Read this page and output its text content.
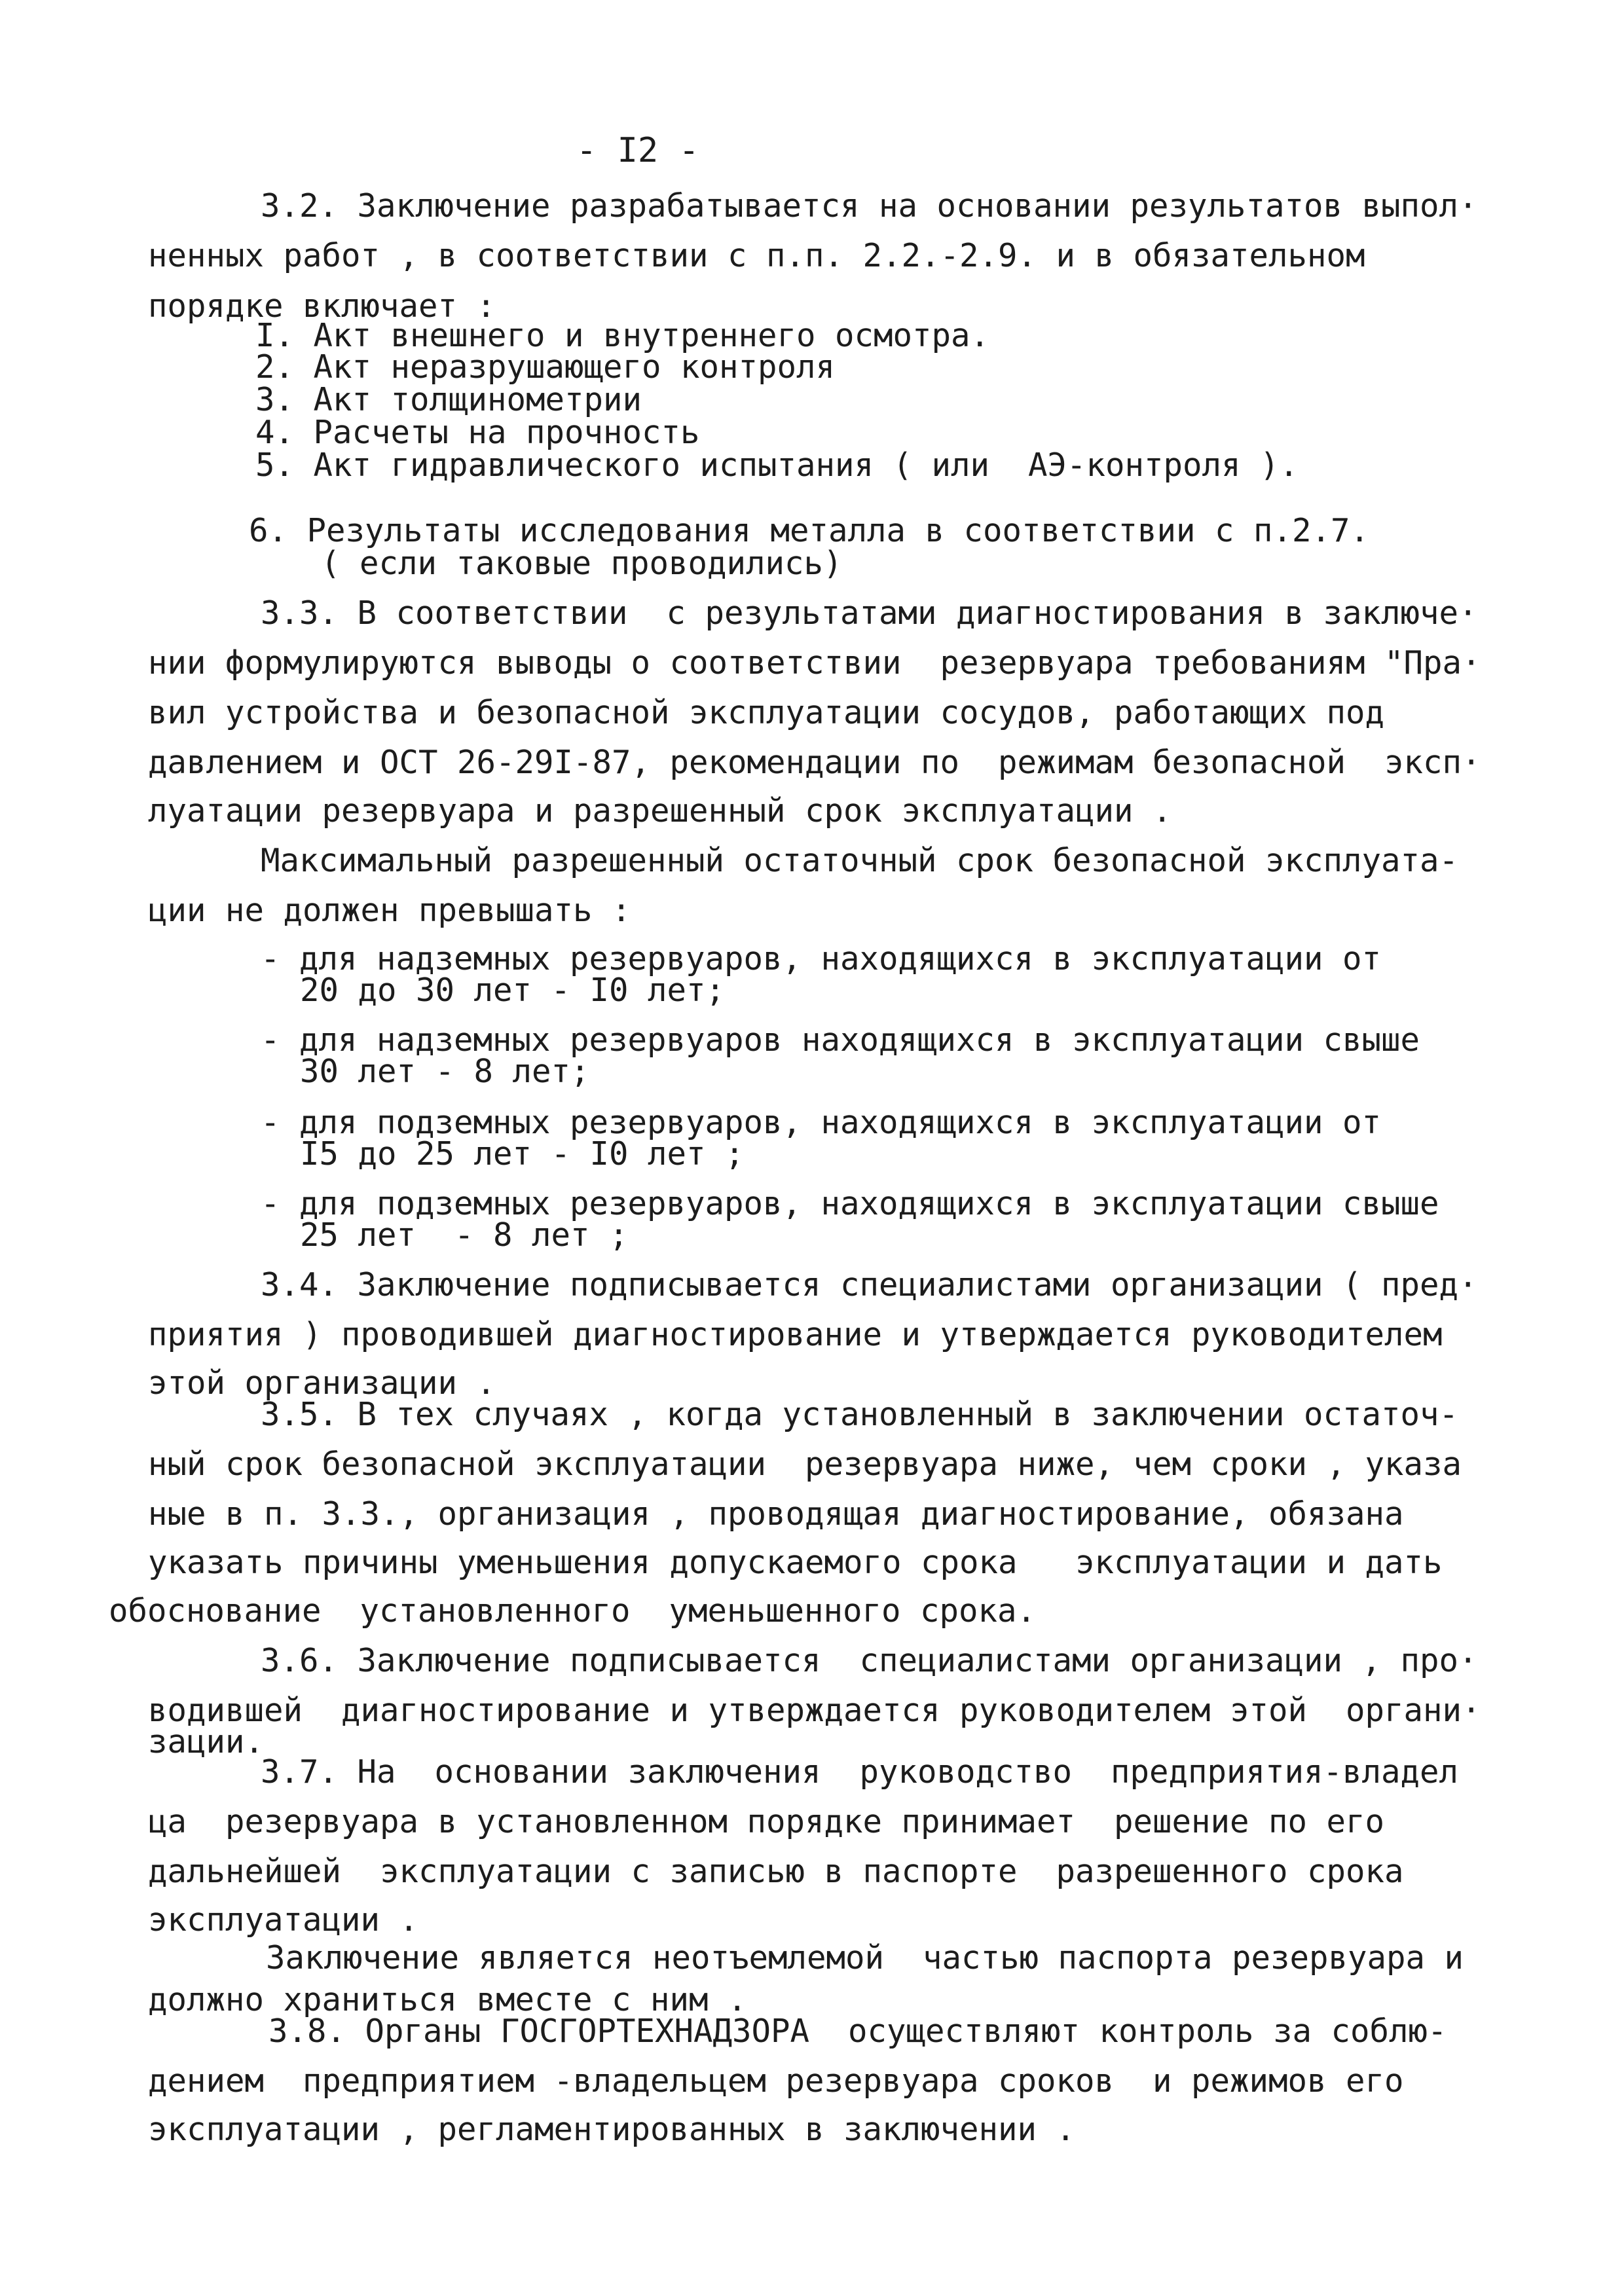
- I2 -
3.2. Заключение разрабатывается на основании результатов выпол·
ненных работ , в соответствии с п.п. 2.2.-2.9. и в обязательном
порядке включает :
I. Акт внешнего и внутреннего осмотра.
2. Акт неразрушающего контроля
3. Акт толщинометрии
4. Расчеты на прочность
5. Акт гидравлического испытания ( или  АЭ-контроля ).
6. Результаты исследования металла в соответствии с п.2.7.
( если таковые проводились)
3.3. В соответствии  с результатами диагностирования в заключе·
нии формулируются выводы о соответствии  резервуара требованиям "Пра·
вил устройства и безопасной эксплуатации сосудов, работающих под
давлением и ОСТ 26-29I-87, рекомендации по  режимам безопасной  эксп·
луатации резервуара и разрешенный срок эксплуатации .
Максимальный разрешенный остаточный срок безопасной эксплуата-
ции не должен превышать :
- для надземных резервуаров, находящихся в эксплуатации от
20 до 30 лет - I0 лет;
- для надземных резервуаров находящихся в эксплуатации свыше
30 лет - 8 лет;
- для подземных резервуаров, находящихся в эксплуатации от
I5 до 25 лет - I0 лет ;
- для подземных резервуаров, находящихся в эксплуатации свыше
25 лет  - 8 лет ;
3.4. Заключение подписывается специалистами организации ( пред·
приятия ) проводившей диагностирование и утверждается руководителем
этой организации .
3.5. В тех случаях , когда установленный в заключении остаточ-
ный срок безопасной эксплуатации  резервуара ниже, чем сроки , указа
ные в п. 3.3., организация , проводящая диагностирование, обязана
указать причины уменьшения допускаемого срока   эксплуатации и дать
обоснование  установленного  уменьшенного срока.
3.6. Заключение подписывается  специалистами организации , про·
водившей  диагностирование и утверждается руководителем этой  органи·
зации.
3.7. На  основании заключения  руководство  предприятия-владел
ца  резервуара в установленном порядке принимает  решение по его
дальнейшей  эксплуатации с записью в паспорте  разрешенного срока
эксплуатации .
Заключение является неотъемлемой  частью паспорта резервуара и
должно храниться вместе с ним .
3.8. Органы ГОСГОРТЕХНАДЗОРА  осуществляют контроль за соблю-
дением  предприятием -владельцем резервуара сроков  и режимов его
эксплуатации , регламентированных в заключении .
